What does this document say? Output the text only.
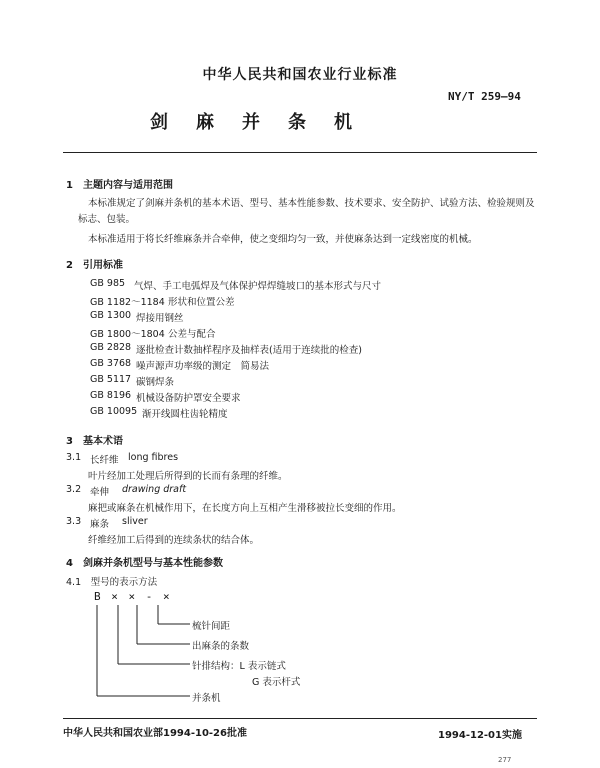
中华人民共和国农业行业标准
NY/T 259—94
剑麻并条机
1　主题内容与适用范围
本标准规定了剑麻并条机的基本术语、型号、基本性能参数、技术要求、安全防护、试验方法、检验规则及标志、包装。
本标准适用于将长纤维麻条并合牵伸，使之变细均匀一致，并使麻条达到一定线密度的机械。
2　引用标准
GB 985 气焊、手工电弧焊及气体保护焊焊缝坡口的基本形式与尺寸
GB 1182～1184 形状和位置公差
GB 1300 焊接用钢丝
GB 1800～1804 公差与配合
GB 2828 逐批检查计数抽样程序及抽样表(适用于连续批的检查)
GB 3768 噪声源声功率级的测定　简易法
GB 5117 碳钢焊条
GB 8196 机械设备防护罩安全要求
GB 10095 渐开线圆柱齿轮精度
3　基本术语
3.1 长纤维 long fibres
叶片经加工处理后所得到的长而有条理的纤维。
3.2 牵伸 drawing draft
麻把或麻条在机械作用下，在长度方向上互相产生滑移被拉长变细的作用。
3.3 麻条 sliver
纤维经加工后得到的连续条状的结合体。
4　剑麻并条机型号与基本性能参数
4.1　型号的表示方法
B × × - ×
梳针间距
出麻条的条数
针排结构：L 表示链式
G 表示杆式
并条机
中华人民共和国农业部1994-10-26批准	1994-12-01实施
277
